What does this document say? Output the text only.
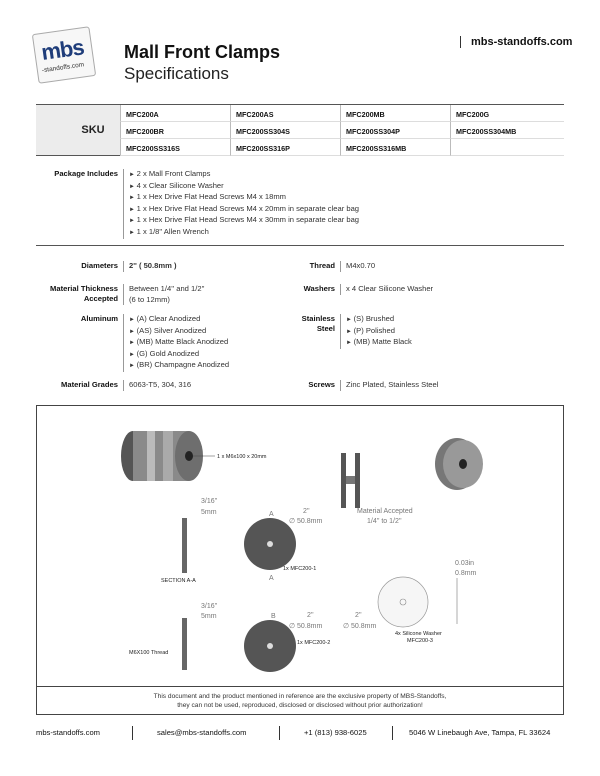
mbs
-standoffs.com
Mall Front Clamps
Specifications
mbs-standoffs.com
SKU
MFC200A	MFC200AS	MFC200MB	MFC200G
MFC200BR	MFC200SS304S	MFC200SS304P	MFC200SS304MB
MFC200SS316S	MFC200SS316P	MFC200SS316MB
Package Includes	► 2 x Mall Front Clamps
► 4 x Clear Silicone Washer
► 1 x Hex Drive Flat Head Screws M4 x 18mm
► 1 x Hex Drive Flat Head Screws M4 x 20mm in separate clear bag
► 1 x Hex Drive Flat Head Screws M4 x 30mm in separate clear bag
► 1 x 1/8" Allen Wrench
Diameters	2'' ( 50.8mm )	Thread	M4x0.70
Material Thickness
Accepted
Between 1/4'' and 1/2''
(6 to 12mm)
Washers	x 4 Clear Silicone Washer
Aluminum	► (A) Clear Anodized
► (AS) Silver Anodized
► (MB) Matte Black Anodized
► (G) Gold Anodized
► (BR) Champagne Anodized
Stainless
Steel
► (S) Brushed
► (P) Polished
► (MB) Matte Black
Material Grades	6063-T5, 304, 316	Screws	Zinc Plated, Stainless Steel
1 x M6x100 x 20mm
3/16''
5mm
SECTION A-A
A
A
2''
∅ 50.8mm
1x MFC200-1
Material Accepted
1/4'' to 1/2''
0.03in
0.8mm
4x Silicone Washer
MFC200-3
3/16''
5mm
M6X100 Thread
B	2''
∅ 50.8mm
1x MFC200-2
2''
∅ 50.8mm
This document and the product mentioned in reference are the exclusive property of MBS-Standoffs,
they can not be used, reproduced, disclosed or disclosed without prior authorization!
mbs-standoffs.com	sales@mbs-standoffs.com	+1 (813) 938-6025	5046 W Linebaugh Ave, Tampa, FL 33624
